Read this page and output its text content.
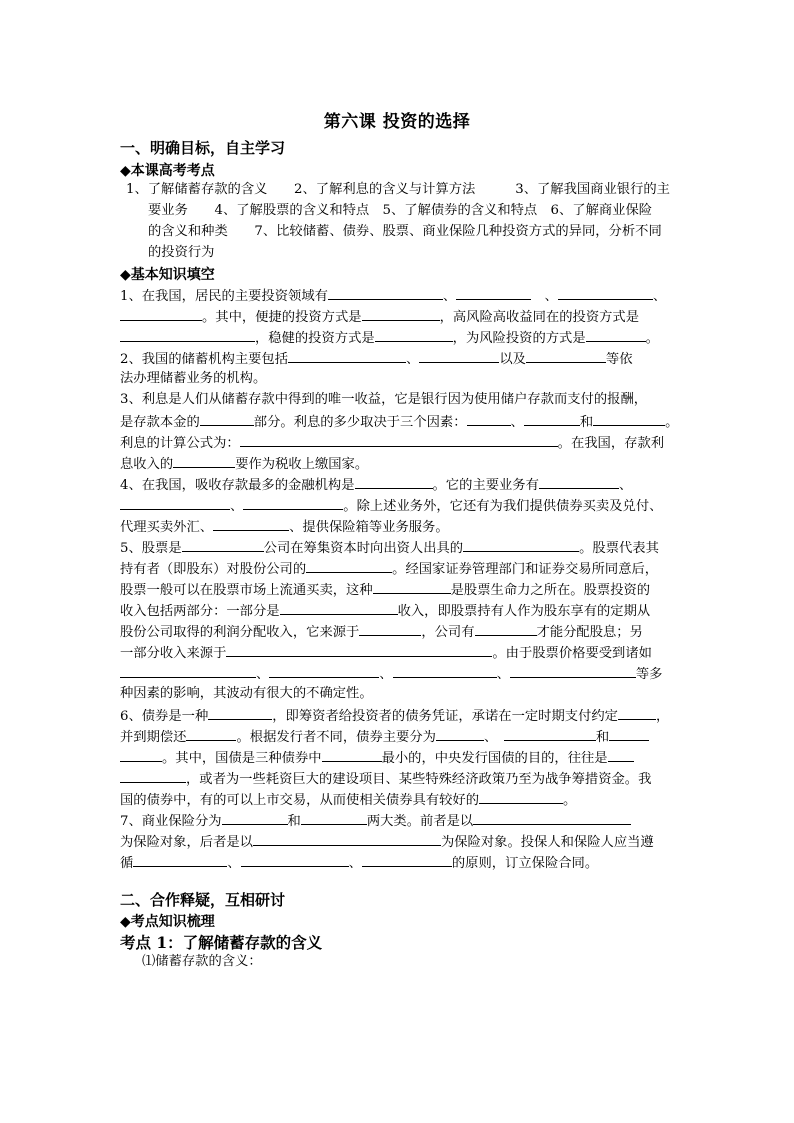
第六课 投资的选择
一、明确目标，自主学习
◆本课高考考点
1、了解储蓄存款的含义　　2、了解利息的含义与计算方法　　　3、了解我国商业银行的主
要业务　　4、了解股票的含义和特点　5、了解债券的含义和特点　6、了解商业保险
的含义和种类　　7、比较储蓄、债券、股票、商业保险几种投资方式的异同，分析不同
的投资行为
◆基本知识填空
1、在我国，居民的主要投资领域有	、　	、	、
。其中，便捷的投资方式是	，高风险高收益同在的投资方式是
，稳健的投资方式是	，为风险投资的方式是	。
2、我国的储蓄机构主要包括	、	以及	等依
法办理储蓄业务的机构。
3、利息是人们从储蓄存款中得到的唯一收益，它是银行因为使用储户存款而支付的报酬，
是存款本金的	部分。利息的多少取决于三个因素：	、	和	。
利息的计算公式为：	。在我国，存款利
息收入的	要作为税收上缴国家。
4、在我国，吸收存款最多的金融机构是	。它的主要业务有	、
、	。除上述业务外，它还有为我们提供债券买卖及兑付、
代理买卖外汇、	、提供保险箱等业务服务。
5、股票是	公司在筹集资本时向出资人出具的	。股票代表其
持有者（即股东）对股份公司的	。经国家证券管理部门和证券交易所同意后，
股票一般可以在股票市场上流通买卖，这种	是股票生命力之所在。股票投资的
收入包括两部分：一部分是	收入，即股票持有人作为股东享有的定期从
股份公司取得的利润分配收入，它来源于	，公司有	才能分配股息；另
一部分收入来源于	。由于股票价格要受到诸如
、	、	、	等多
种因素的影响，其波动有很大的不确定性。
6、债券是一种	，即筹资者给投资者的债务凭证，承诺在一定时期支付约定	，
并到期偿还	。根据发行者不同，债券主要分为	、　	和
。其中，国债是三种债券中	最小的，中央发行国债的目的，往往是
，或者为一些耗资巨大的建设项目、某些特殊经济政策乃至为战争筹措资金。我
国的债券中，有的可以上市交易，从而使相关债券具有较好的	。
7、商业保险分为	和	两大类。前者是以
为保险对象，后者是以	为保险对象。投保人和保险人应当遵
循	、	、	的原则，订立保险合同。
二、合作释疑，互相研讨
◆考点知识梳理
考点 1：了解储蓄存款的含义
⑴储蓄存款的含义：
